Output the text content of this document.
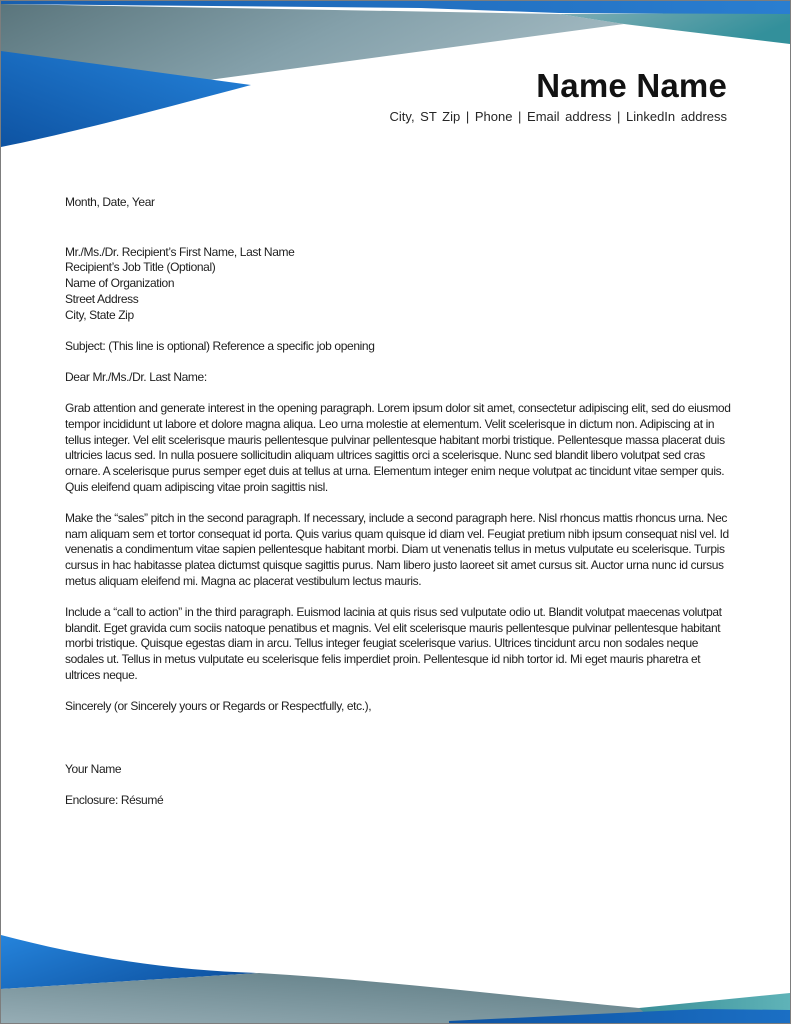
Name Name
City, ST Zip | Phone | Email address | LinkedIn address
Month, Date, Year
Mr./Ms./Dr. Recipient’s First Name, Last Name
Recipient’s Job Title (Optional)
Name of Organization
Street Address
City, State Zip
Subject: (This line is optional) Reference a specific job opening
Dear Mr./Ms./Dr. Last Name:
Grab attention and generate interest in the opening paragraph. Lorem ipsum dolor sit amet, consectetur adipiscing elit, sed do eiusmod tempor incididunt ut labore et dolore magna aliqua. Leo urna molestie at elementum. Velit scelerisque in dictum non. Adipiscing at in tellus integer. Vel elit scelerisque mauris pellentesque pulvinar pellentesque habitant morbi tristique. Pellentesque massa placerat duis ultricies lacus sed. In nulla posuere sollicitudin aliquam ultrices sagittis orci a scelerisque. Nunc sed blandit libero volutpat sed cras ornare. A scelerisque purus semper eget duis at tellus at urna. Elementum integer enim neque volutpat ac tincidunt vitae semper quis. Quis eleifend quam adipiscing vitae proin sagittis nisl.
Make the “sales” pitch in the second paragraph. If necessary, include a second paragraph here. Nisl rhoncus mattis rhoncus urna. Nec nam aliquam sem et tortor consequat id porta. Quis varius quam quisque id diam vel. Feugiat pretium nibh ipsum consequat nisl vel. Id venenatis a condimentum vitae sapien pellentesque habitant morbi. Diam ut venenatis tellus in metus vulputate eu scelerisque. Turpis cursus in hac habitasse platea dictumst quisque sagittis purus. Nam libero justo laoreet sit amet cursus sit. Auctor urna nunc id cursus metus aliquam eleifend mi. Magna ac placerat vestibulum lectus mauris.
Include a “call to action” in the third paragraph. Euismod lacinia at quis risus sed vulputate odio ut. Blandit volutpat maecenas volutpat blandit. Eget gravida cum sociis natoque penatibus et magnis. Vel elit scelerisque mauris pellentesque pulvinar pellentesque habitant morbi tristique. Quisque egestas diam in arcu. Tellus integer feugiat scelerisque varius. Ultrices tincidunt arcu non sodales neque sodales ut. Tellus in metus vulputate eu scelerisque felis imperdiet proin. Pellentesque id nibh tortor id. Mi eget mauris pharetra et ultrices neque.
Sincerely (or Sincerely yours or Regards or Respectfully, etc.),
Your Name
Enclosure: Résumé
